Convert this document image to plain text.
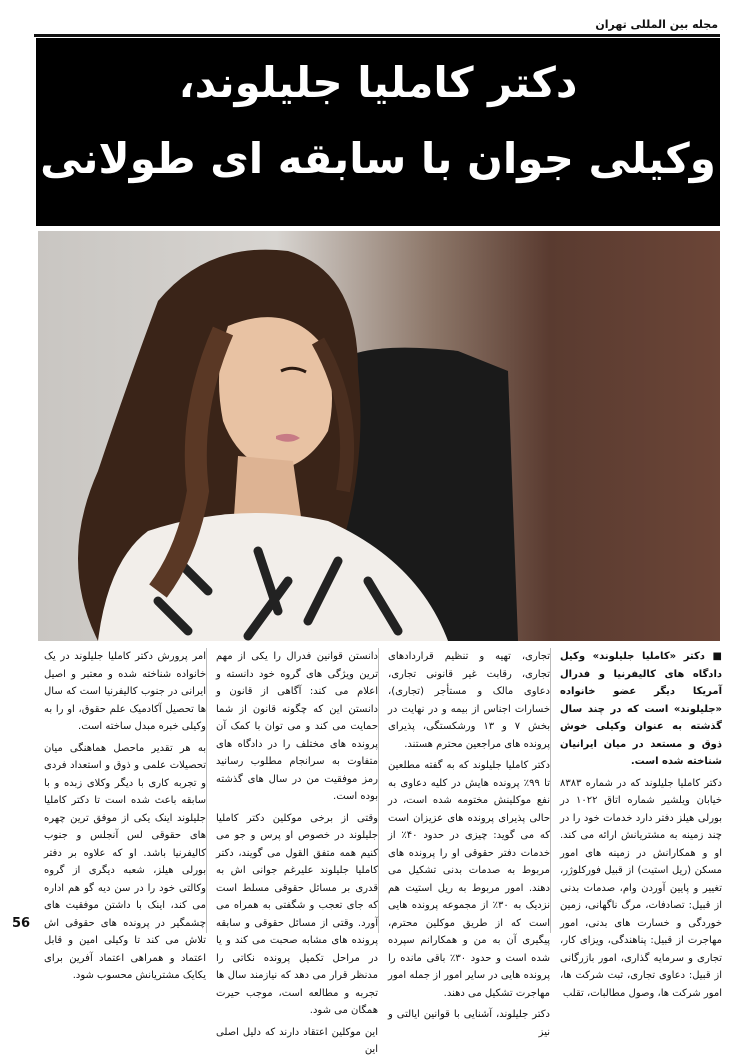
مجله بین المللی تهران
دکتر کاملیا جلیلوند،
وکیلی جوان با سابقه ای طولانی

■ دکتر «کاملیا جلیلوند» وکیل دادگاه های کالیفرنیا و فدرال آمریکا دیگر عضو خانواده «جلیلوند» است که در چند سال گذشته به عنوان وکیلی خوش ذوق و مستعد در میان ایرانیان شناخته شده است.

دکتر کاملیا جلیلوند که در شماره ۸۳۸۳ خیابان ویلشیر شماره اتاق ۱۰۲۲ در بورلی هیلز دفتر دارد خدمات خود را در چند زمینه به مشتریانش ارائه می کند. او و همکارانش در زمینه های امور مسکن (ریل استیت) از قبیل فورکلوژر، تغییر و پایین آوردن وام، صدمات بدنی از قبیل: تصادفات، مرگ ناگهانی، زمین خوردگی و خسارت های بدنی، امور مهاجرت از قبیل: پناهندگی، ویزای کار، تجاری و سرمایه گذاری، امور بازرگانی از قبیل: دعاوی تجاری، ثبت شرکت ها، امور شرکت ها، وصول مطالبات، تقلب

تجاری، تهیه و تنظیم قراردادهای تجاری، رقابت غیر قانونی تجاری، دعاوی مالک و مستأجر (تجاری)، خسارات اجناس از بیمه و در نهایت در بخش ۷ و ۱۳ ورشکستگی، پذیرای پرونده های مراجعین محترم هستند.

دکتر کاملیا جلیلوند که به گفته مطلعین تا ۹۹٪ پرونده هایش در کلیه دعاوی به نفع موکلینش مختومه شده است، در حالی پذیرای پرونده های عزیزان است که می گوید: چیزی در حدود ۴۰٪ از خدمات دفتر حقوقی او را پرونده های مربوط به صدمات بدنی تشکیل می دهند. امور مربوط به ریل استیت هم نزدیک به ۳۰٪ از مجموعه پرونده هایی است که از طریق موکلین محترم، پیگیری آن به من و همکارانم سپرده شده است و حدود ۳۰٪ باقی مانده را پرونده هایی در سایر امور از جمله امور مهاجرت تشکیل می دهند.

دکتر جلیلوند، آشنایی با قوانین ایالتی و نیز

دانستن قوانین فدرال را یکی از مهم ترین ویژگی های گروه خود دانسته و اعلام می کند: آگاهی از قانون و دانستن این که چگونه قانون از شما حمایت می کند و می توان با کمک آن پرونده های مختلف را در دادگاه های متفاوت به سرانجام مطلوب رسانید رمز موفقیت من در سال های گذشته بوده است.

وقتی از برخی موکلین دکتر کاملیا جلیلوند در خصوص او پرس و جو می کنیم همه متفق القول می گویند، دکتر کاملیا جلیلوند علیرغم جوانی اش به قدری بر مسائل حقوقی مسلط است که جای تعجب و شگفتی به همراه می آورد. وقتی از مسائل حقوقی و سابقه پرونده های مشابه صحبت می کند و یا در مراحل تکمیل پرونده نکاتی را مدنظر قرار می دهد که نیازمند سال ها تجربه و مطالعه است، موجب حیرت همگان می شود.

این موکلین اعتقاد دارند که دلیل اصلی این

امر پرورش دکتر کاملیا جلیلوند در یک خانواده شناخته شده و معتبر و اصیل ایرانی در جنوب کالیفرنیا است که سال ها تحصیل آکادمیک علم حقوق، او را به وکیلی خبره مبدل ساخته است.

به هر تقدیر ماحصل هماهنگی میان تحصیلات علمی و ذوق و استعداد فردی و تجربه کاری با دیگر وکلای زبده و با سابقه باعث شده است تا دکتر کاملیا جلیلوند اینک یکی از موفق ترین چهره های حقوقی لس آنجلس و جنوب کالیفرنیا باشد. او که علاوه بر دفتر بورلی هیلز، شعبه دیگری از گروه وکالتی خود را در سن دیه گو هم اداره می کند، اینک با داشتن موفقیت های چشمگیر در پرونده های حقوقی اش تلاش می کند تا وکیلی امین و قابل اعتماد و همراهی اعتماد آفرین برای یکایک مشتریانش محسوب شود.

56
